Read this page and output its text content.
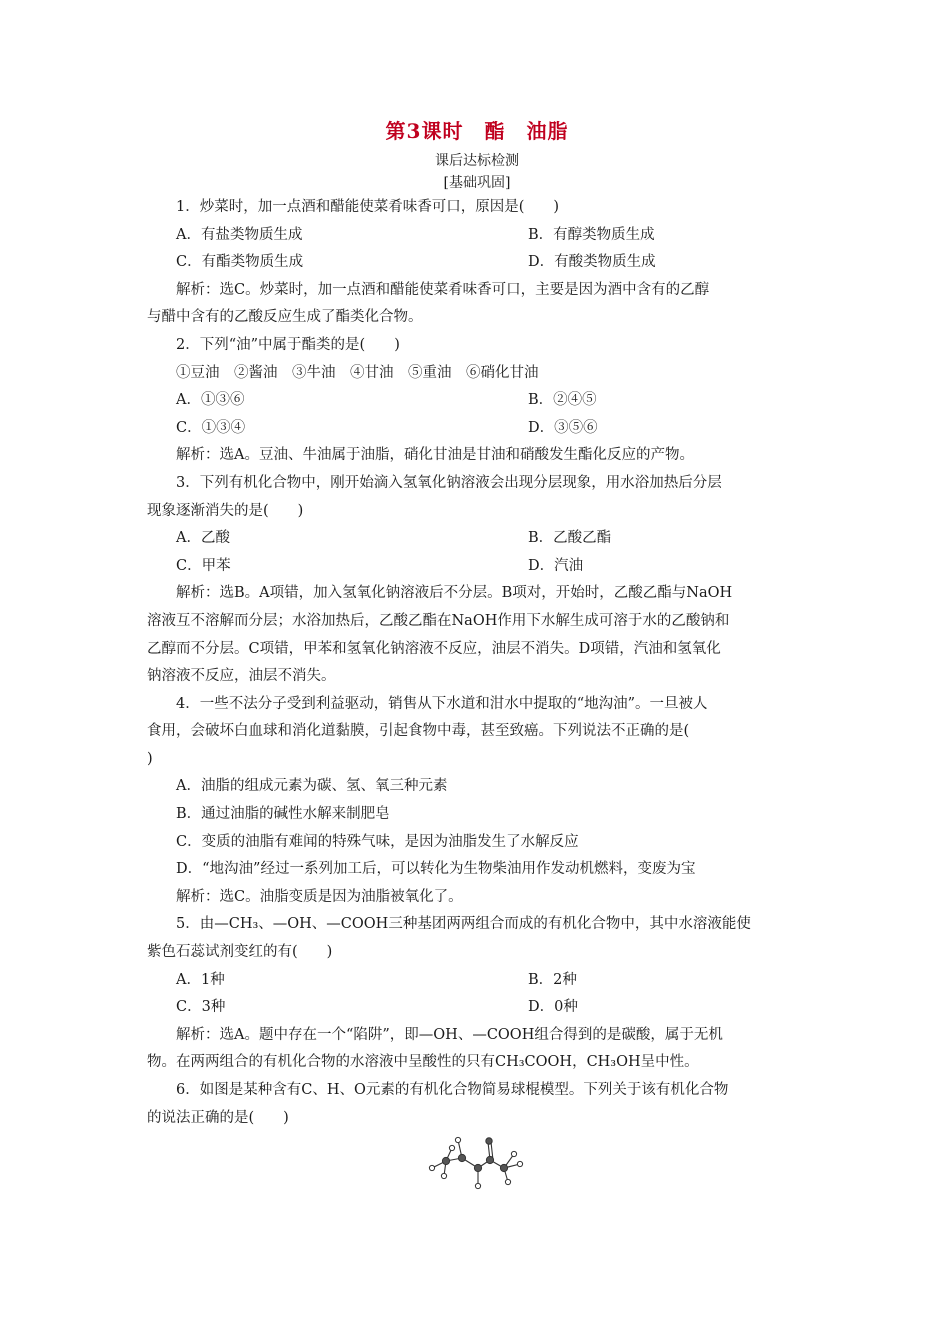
第3课时　酯　油脂
课后达标检测
[基础巩固]
1．炒菜时，加一点酒和醋能使菜肴味香可口，原因是(　　)
A．有盐类物质生成	B．有醇类物质生成
C．有酯类物质生成	D．有酸类物质生成
解析：选C。炒菜时，加一点酒和醋能使菜肴味香可口，主要是因为酒中含有的乙醇
与醋中含有的乙酸反应生成了酯类化合物。
2．下列“油”中属于酯类的是(　　)
①豆油　②酱油　③牛油　④甘油　⑤重油　⑥硝化甘油
A．①③⑥	B．②④⑤
C．①③④	D．③⑤⑥
解析：选A。豆油、牛油属于油脂，硝化甘油是甘油和硝酸发生酯化反应的产物。
3．下列有机化合物中，刚开始滴入氢氧化钠溶液会出现分层现象，用水浴加热后分层
现象逐渐消失的是(　　)
A．乙酸	B．乙酸乙酯
C．甲苯	D．汽油
解析：选B。A项错，加入氢氧化钠溶液后不分层。B项对，开始时，乙酸乙酯与NaOH
溶液互不溶解而分层；水浴加热后，乙酸乙酯在NaOH作用下水解生成可溶于水的乙酸钠和
乙醇而不分层。C项错，甲苯和氢氧化钠溶液不反应，油层不消失。D项错，汽油和氢氧化
钠溶液不反应，油层不消失。
4．一些不法分子受到利益驱动，销售从下水道和泔水中提取的“地沟油”。一旦被人
食用，会破坏白血球和消化道黏膜，引起食物中毒，甚至致癌。下列说法不正确的是(
)
A．油脂的组成元素为碳、氢、氧三种元素
B．通过油脂的碱性水解来制肥皂
C．变质的油脂有难闻的特殊气味，是因为油脂发生了水解反应
D．“地沟油”经过一系列加工后，可以转化为生物柴油用作发动机燃料，变废为宝
解析：选C。油脂变质是因为油脂被氧化了。
5．由—CH₃、—OH、—COOH三种基团两两组合而成的有机化合物中，其中水溶液能使
紫色石蕊试剂变红的有(　　)
A．1种	B．2种
C．3种	D．0种
解析：选A。题中存在一个“陷阱”，即—OH、—COOH组合得到的是碳酸，属于无机
物。在两两组合的有机化合物的水溶液中呈酸性的只有CH₃COOH，CH₃OH呈中性。
6．如图是某种含有C、H、O元素的有机化合物简易球棍模型。下列关于该有机化合物
的说法正确的是(　　)
